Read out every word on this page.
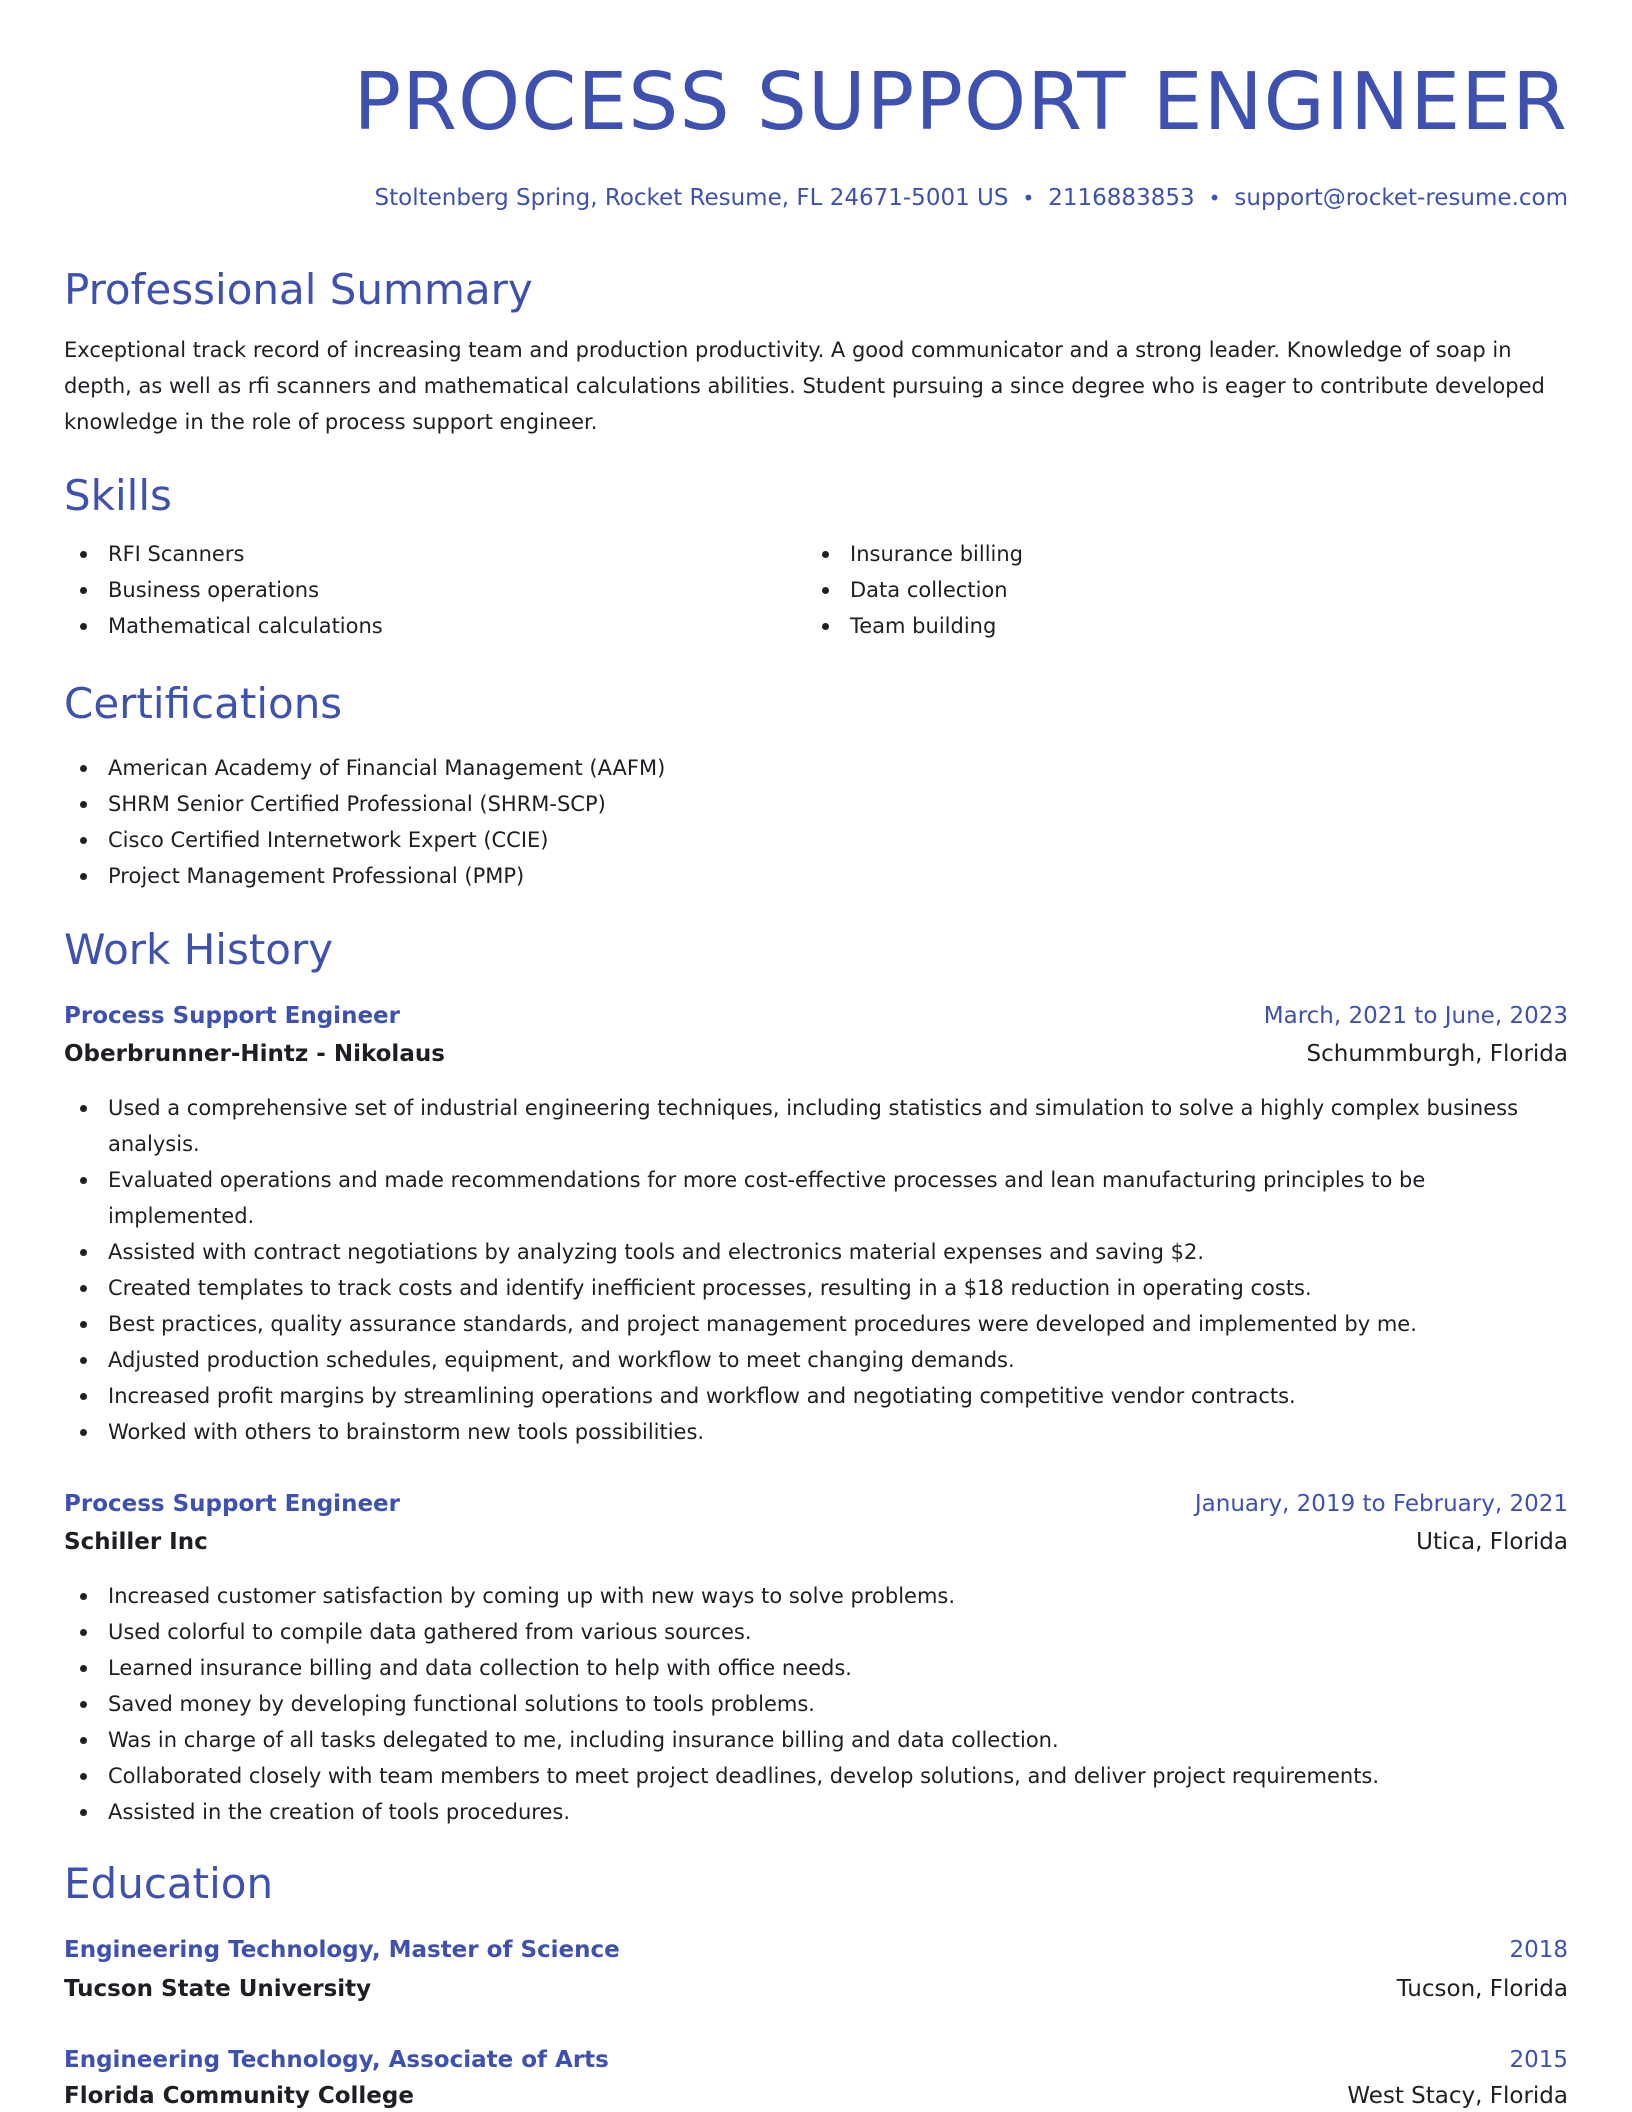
PROCESS SUPPORT ENGINEER
Stoltenberg Spring, Rocket Resume, FL 24671-5001 US • 2116883853 • support@rocket-resume.com
Professional Summary
Exceptional track record of increasing team and production productivity. A good communicator and a strong leader. Knowledge of soap in depth, as well as rfi scanners and mathematical calculations abilities. Student pursuing a since degree who is eager to contribute developed knowledge in the role of process support engineer.
Skills
RFI Scanners
Business operations
Mathematical calculations
Insurance billing
Data collection
Team building
Certifications
American Academy of Financial Management (AAFM)
SHRM Senior Certified Professional (SHRM-SCP)
Cisco Certified Internetwork Expert (CCIE)
Project Management Professional (PMP)
Work History
Process Support Engineer	March, 2021 to June, 2023
Oberbrunner-Hintz - Nikolaus	Schummburgh, Florida
Used a comprehensive set of industrial engineering techniques, including statistics and simulation to solve a highly complex business analysis.
Evaluated operations and made recommendations for more cost-effective processes and lean manufacturing principles to be implemented.
Assisted with contract negotiations by analyzing tools and electronics material expenses and saving $2.
Created templates to track costs and identify inefficient processes, resulting in a $18 reduction in operating costs.
Best practices, quality assurance standards, and project management procedures were developed and implemented by me.
Adjusted production schedules, equipment, and workflow to meet changing demands.
Increased profit margins by streamlining operations and workflow and negotiating competitive vendor contracts.
Worked with others to brainstorm new tools possibilities.
Process Support Engineer	January, 2019 to February, 2021
Schiller Inc	Utica, Florida
Increased customer satisfaction by coming up with new ways to solve problems.
Used colorful to compile data gathered from various sources.
Learned insurance billing and data collection to help with office needs.
Saved money by developing functional solutions to tools problems.
Was in charge of all tasks delegated to me, including insurance billing and data collection.
Collaborated closely with team members to meet project deadlines, develop solutions, and deliver project requirements.
Assisted in the creation of tools procedures.
Education
Engineering Technology, Master of Science	2018
Tucson State University	Tucson, Florida
Engineering Technology, Associate of Arts	2015
Florida Community College	West Stacy, Florida
